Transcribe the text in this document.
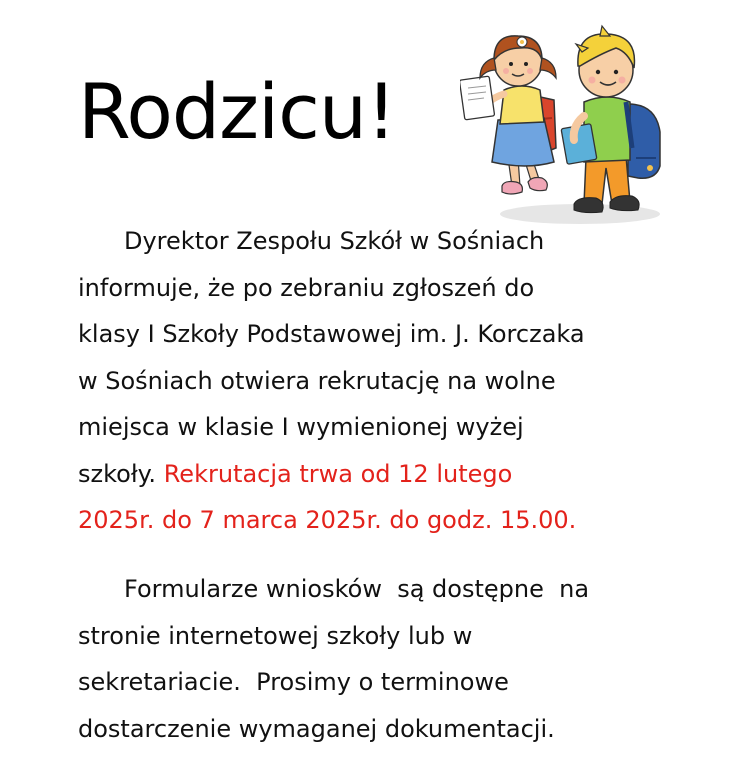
Rodzicu!
Dyrektor Zespołu Szkół w Sośniach
informuje, że po zebraniu zgłoszeń do
klasy I Szkoły Podstawowej im. J. Korczaka
w Sośniach otwiera rekrutację na wolne
miejsca w klasie I wymienionej wyżej
szkoły. Rekrutacja trwa od 12 lutego
2025r. do 7 marca 2025r. do godz. 15.00.
Formularze wniosków  są dostępne  na
stronie internetowej szkoły lub w
sekretariacie.  Prosimy o terminowe
dostarczenie wymaganej dokumentacji.
